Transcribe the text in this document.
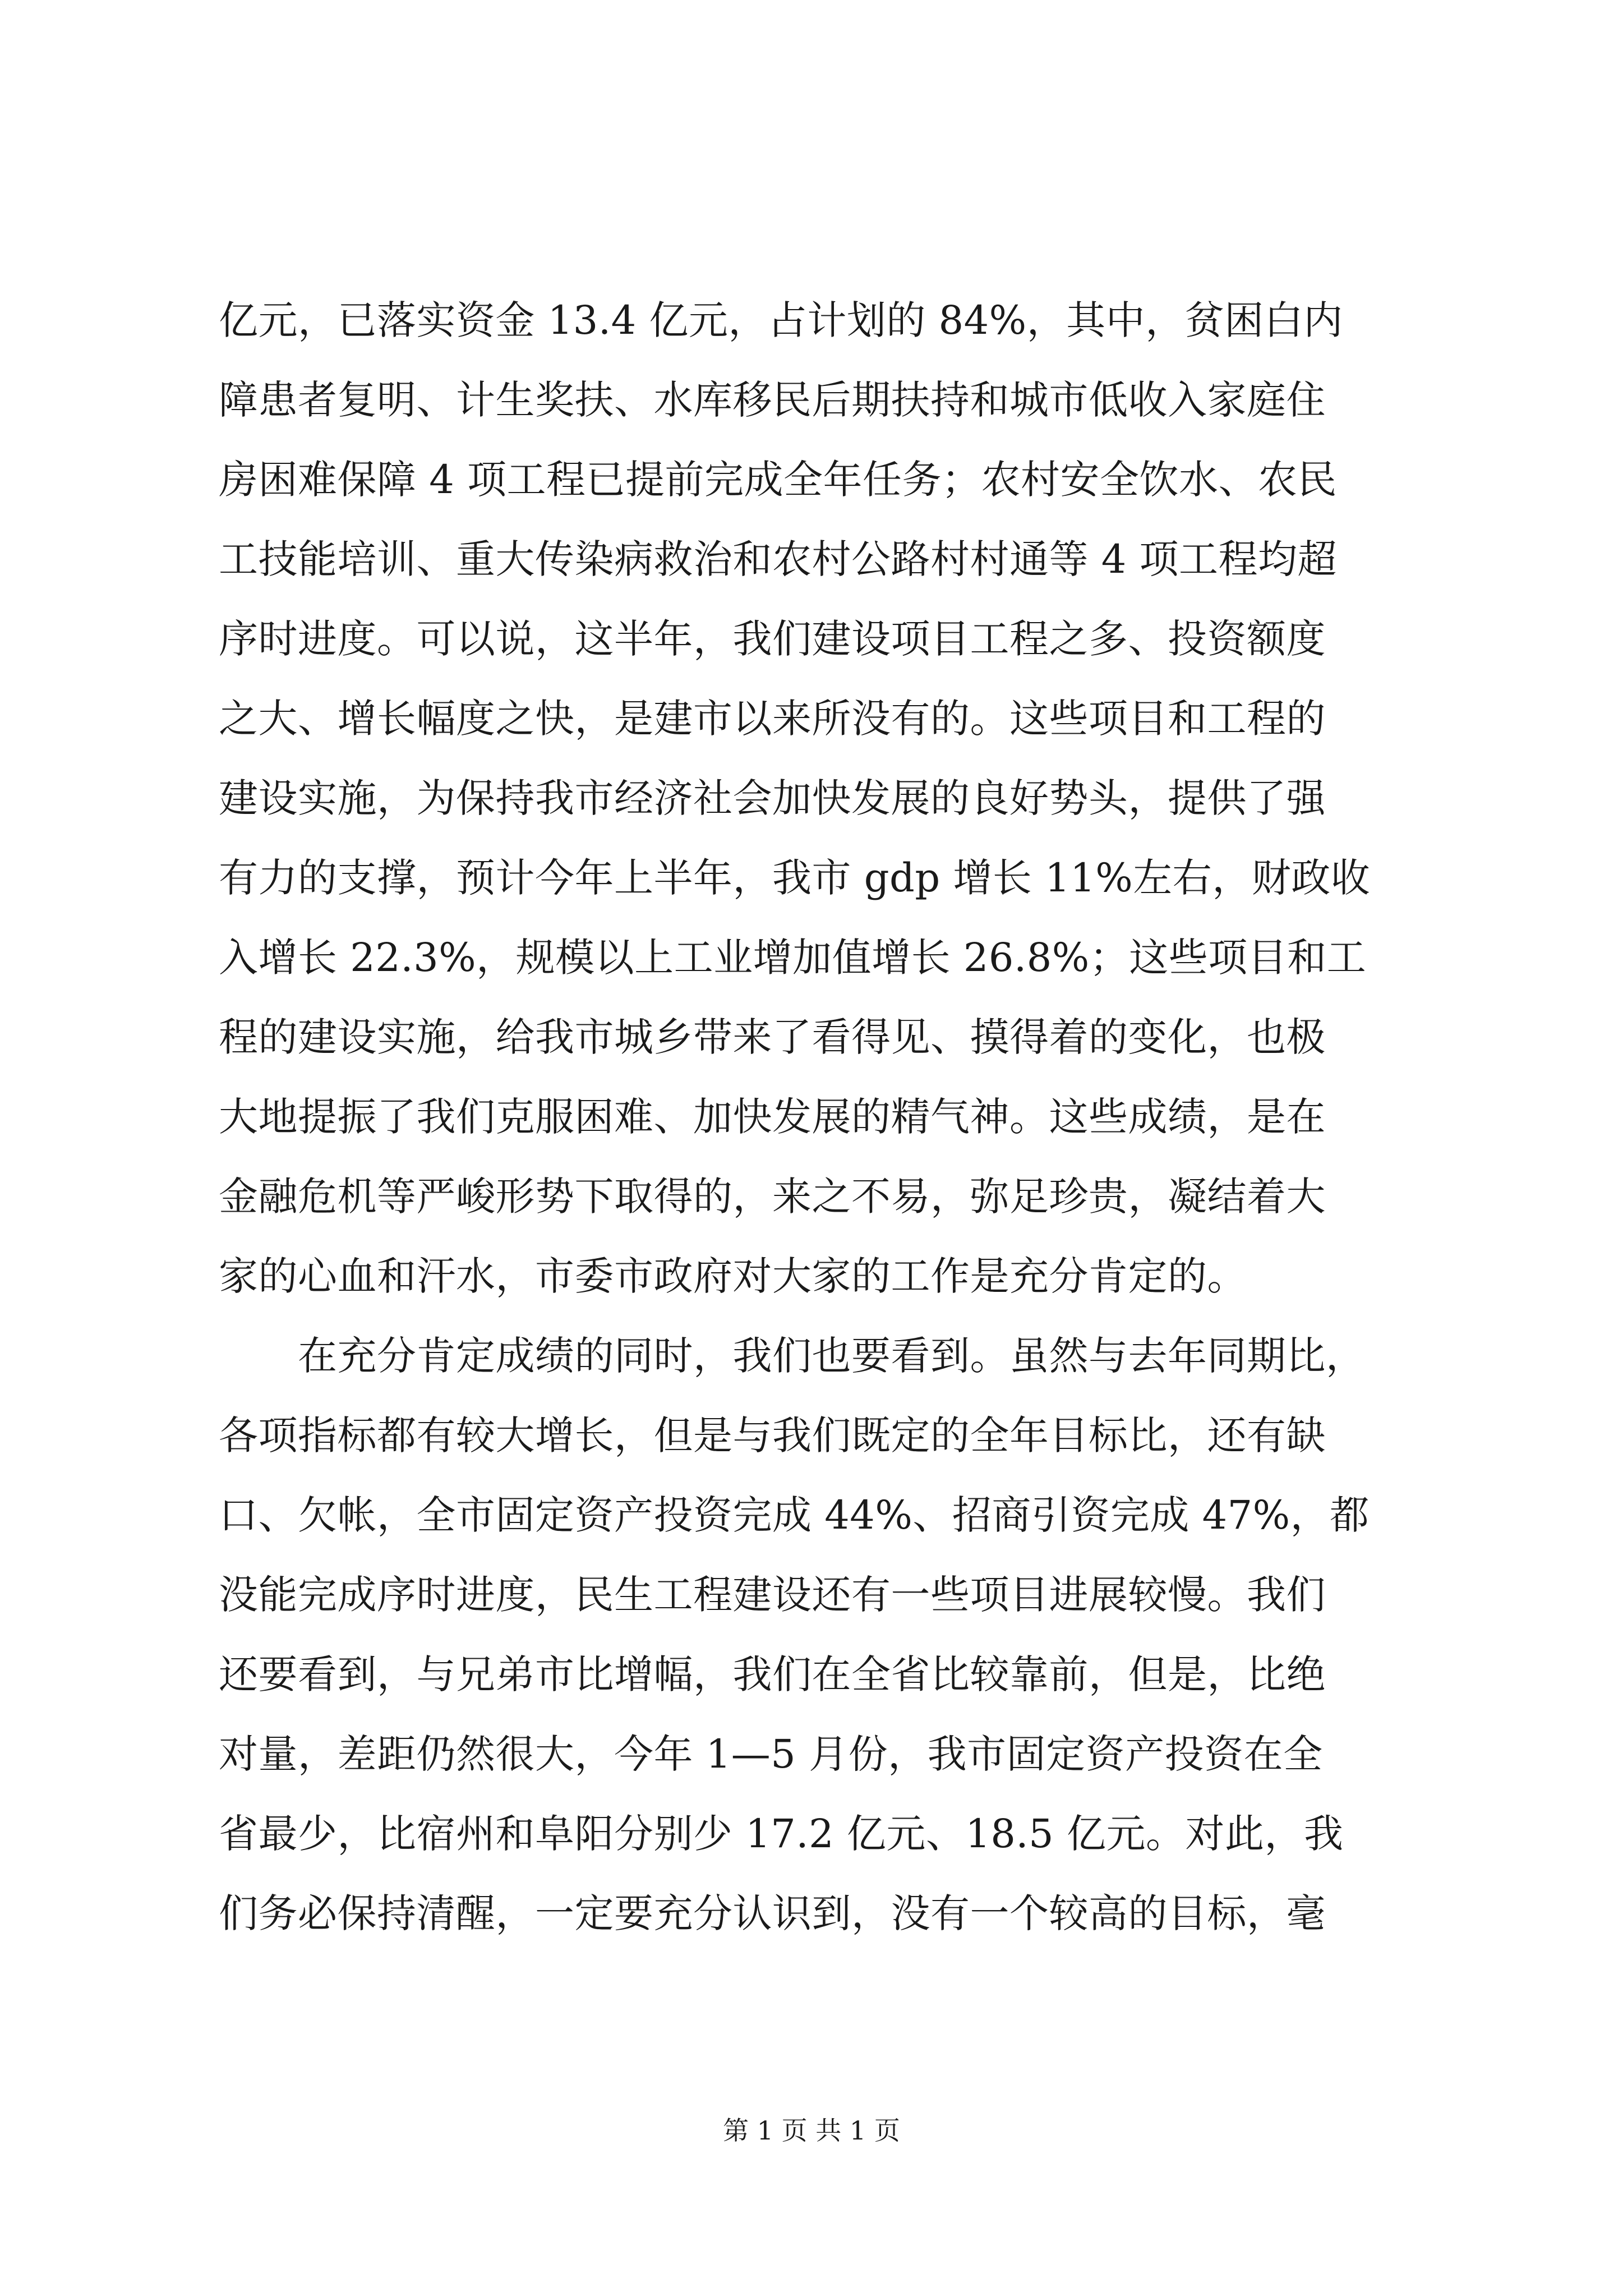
亿元，已落实资金 13.4 亿元，占计划的 84%，其中，贫困白内
障患者复明、计生奖扶、水库移民后期扶持和城市低收入家庭住
房困难保障 4 项工程已提前完成全年任务；农村安全饮水、农民
工技能培训、重大传染病救治和农村公路村村通等 4 项工程均超
序时进度。可以说，这半年，我们建设项目工程之多、投资额度
之大、增长幅度之快，是建市以来所没有的。这些项目和工程的
建设实施，为保持我市经济社会加快发展的良好势头，提供了强
有力的支撑，预计今年上半年，我市 gdp 增长 11%左右，财政收
入增长 22.3%，规模以上工业增加值增长 26.8%；这些项目和工
程的建设实施，给我市城乡带来了看得见、摸得着的变化，也极
大地提振了我们克服困难、加快发展的精气神。这些成绩，是在
金融危机等严峻形势下取得的，来之不易，弥足珍贵，凝结着大
家的心血和汗水，市委市政府对大家的工作是充分肯定的。
　　在充分肯定成绩的同时，我们也要看到。虽然与去年同期比，
各项指标都有较大增长，但是与我们既定的全年目标比，还有缺
口、欠帐，全市固定资产投资完成 44%、招商引资完成 47%，都
没能完成序时进度，民生工程建设还有一些项目进展较慢。我们
还要看到，与兄弟市比增幅，我们在全省比较靠前，但是，比绝
对量，差距仍然很大，今年 1—5 月份，我市固定资产投资在全
省最少，比宿州和阜阳分别少 17.2 亿元、18.5 亿元。对此，我
们务必保持清醒，一定要充分认识到，没有一个较高的目标，毫
第 1 页 共 1 页
